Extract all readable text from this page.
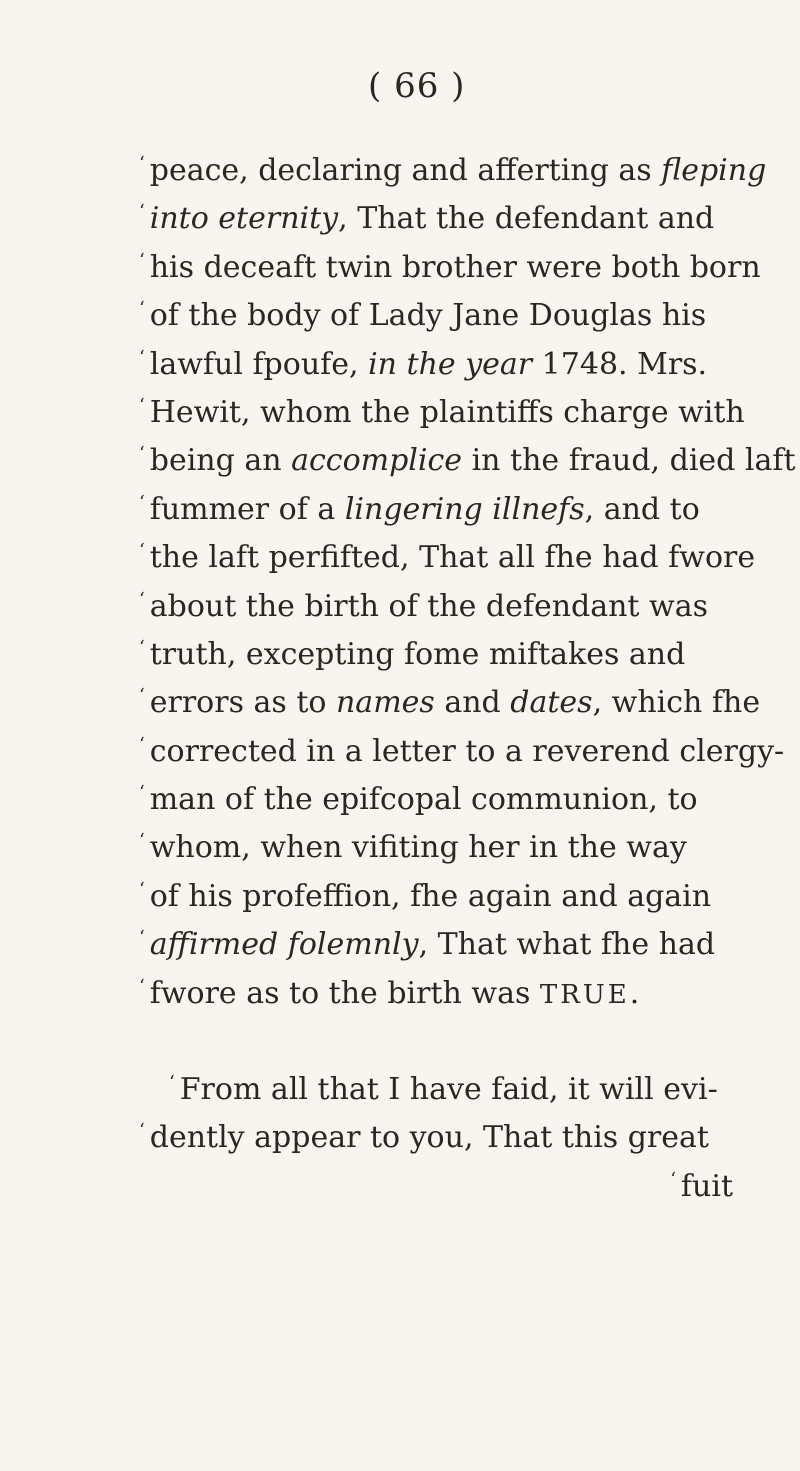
( 66 )
‘ peace, declaring and afferting as fleping
‘ into eternity, That the defendant and
‘ his deceaft twin brother were both born
‘ of the body of Lady Jane Douglas his
‘ lawful fpoufe, in the year 1748. Mrs.
‘ Hewit, whom the plaintiffs charge with
‘ being an accomplice in the fraud, died laft
‘ fummer of a lingering illnefs, and to
‘ the laft perfifted, That all fhe had fwore
‘ about the birth of the defendant was
‘ truth, excepting fome miftakes and
‘ errors as to names and dates, which fhe
‘ corrected in a letter to a reverend clergy-
‘ man of the epifcopal communion, to
‘ whom, when vifiting her in the way
‘ of his profeffion, fhe again and again
‘ affirmed folemnly, That what fhe had
‘ fwore as to the birth was TRUE.
‘ From all that I have faid, it will evi-
‘ dently appear to you, That this great
‘ fuit
